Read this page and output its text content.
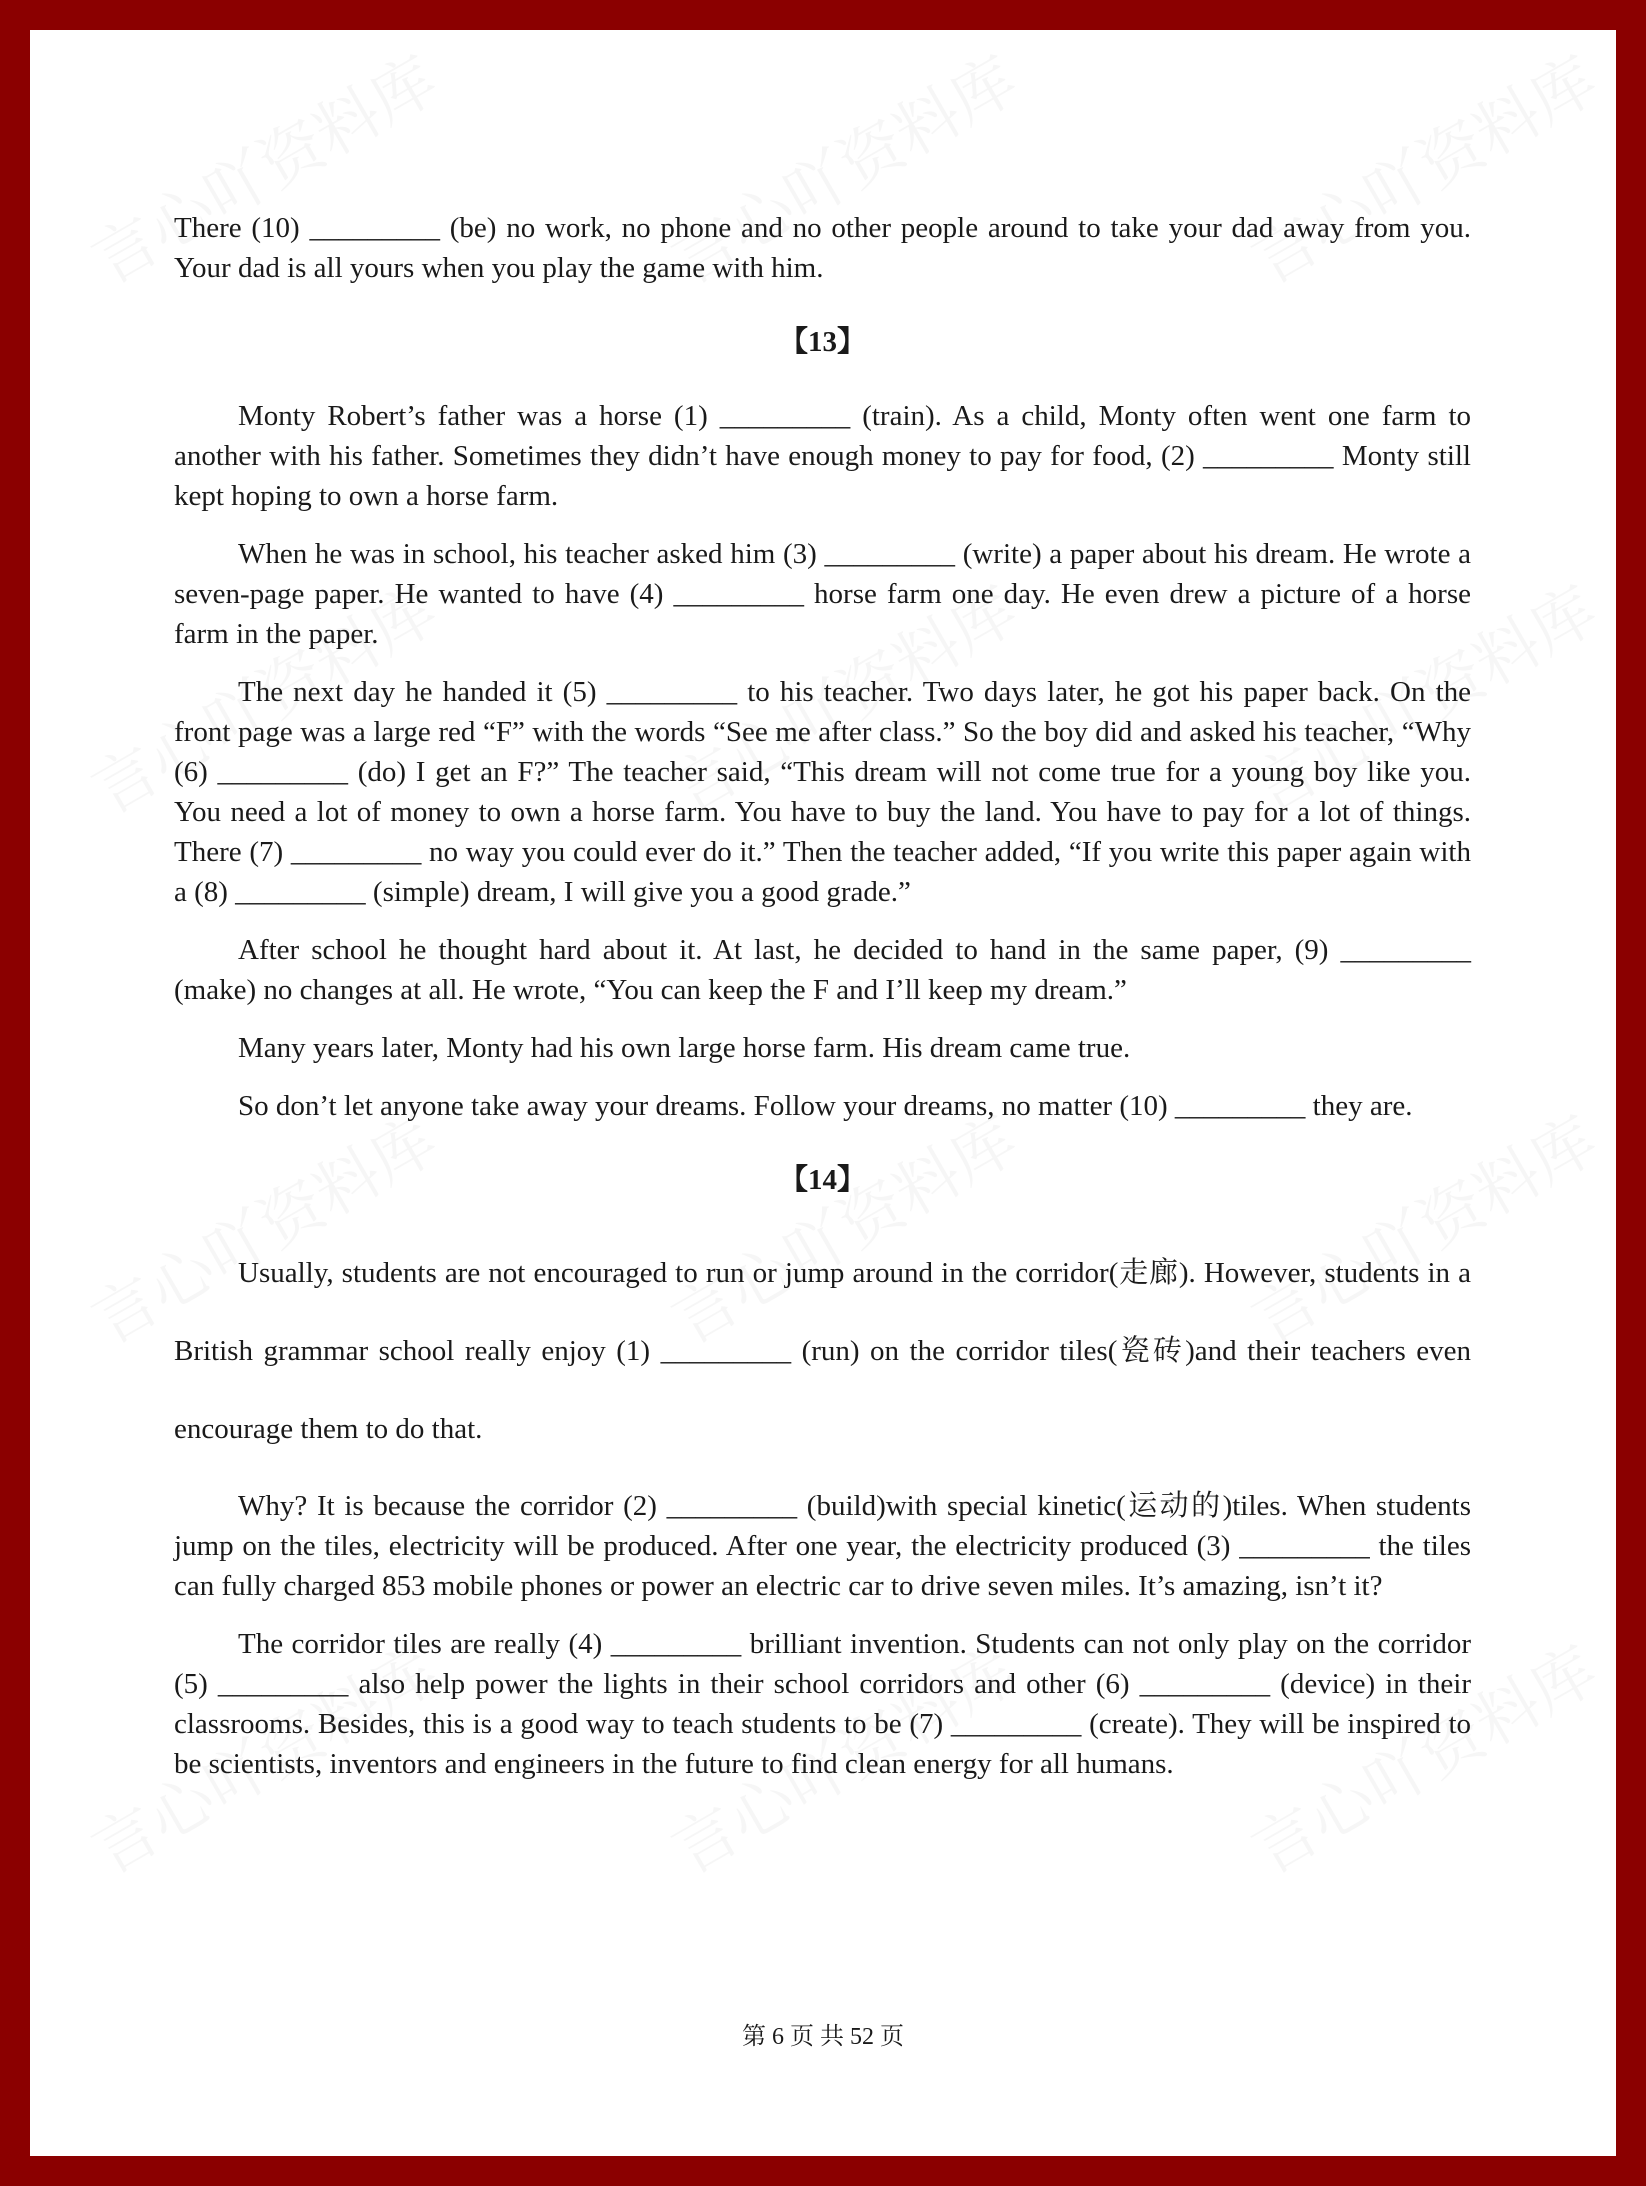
There (10) _________ (be) no work, no phone and no other people around to take your dad away from you. Your dad is all yours when you play the game with him.

【13】

Monty Robert’s father was a horse (1) _________ (train). As a child, Monty often went one farm to another with his father. Sometimes they didn’t have enough money to pay for food, (2) _________ Monty still kept hoping to own a horse farm.

When he was in school, his teacher asked him (3) _________ (write) a paper about his dream. He wrote a seven-page paper. He wanted to have (4) _________ horse farm one day. He even drew a picture of a horse farm in the paper.

The next day he handed it (5) _________ to his teacher. Two days later, he got his paper back. On the front page was a large red “F” with the words “See me after class.” So the boy did and asked his teacher, “Why (6) _________ (do) I get an F?” The teacher said, “This dream will not come true for a young boy like you. You need a lot of money to own a horse farm. You have to buy the land. You have to pay for a lot of things. There (7) _________ no way you could ever do it.” Then the teacher added, “If you write this paper again with a (8) _________ (simple) dream, I will give you a good grade.”

After school he thought hard about it. At last, he decided to hand in the same paper, (9) _________ (make) no changes at all. He wrote, “You can keep the F and I’ll keep my dream.”

Many years later, Monty had his own large horse farm. His dream came true.

So don’t let anyone take away your dreams. Follow your dreams, no matter (10) _________ they are.

【14】

Usually, students are not encouraged to run or jump around in the corridor(走廊). However, students in a British grammar school really enjoy (1) _________ (run) on the corridor tiles(瓷砖)and their teachers even encourage them to do that.

Why? It is because the corridor (2) _________ (build)with special kinetic(运动的)tiles. When students jump on the tiles, electricity will be produced. After one year, the electricity produced (3) _________ the tiles can fully charged 853 mobile phones or power an electric car to drive seven miles. It’s amazing, isn’t it?

The corridor tiles are really (4) _________ brilliant invention. Students can not only play on the corridor (5) _________ also help power the lights in their school corridors and other (6) _________ (device) in their classrooms. Besides, this is a good way to teach students to be (7) _________ (create). They will be inspired to be scientists, inventors and engineers in the future to find clean energy for all humans.

第 6 页 共 52 页
